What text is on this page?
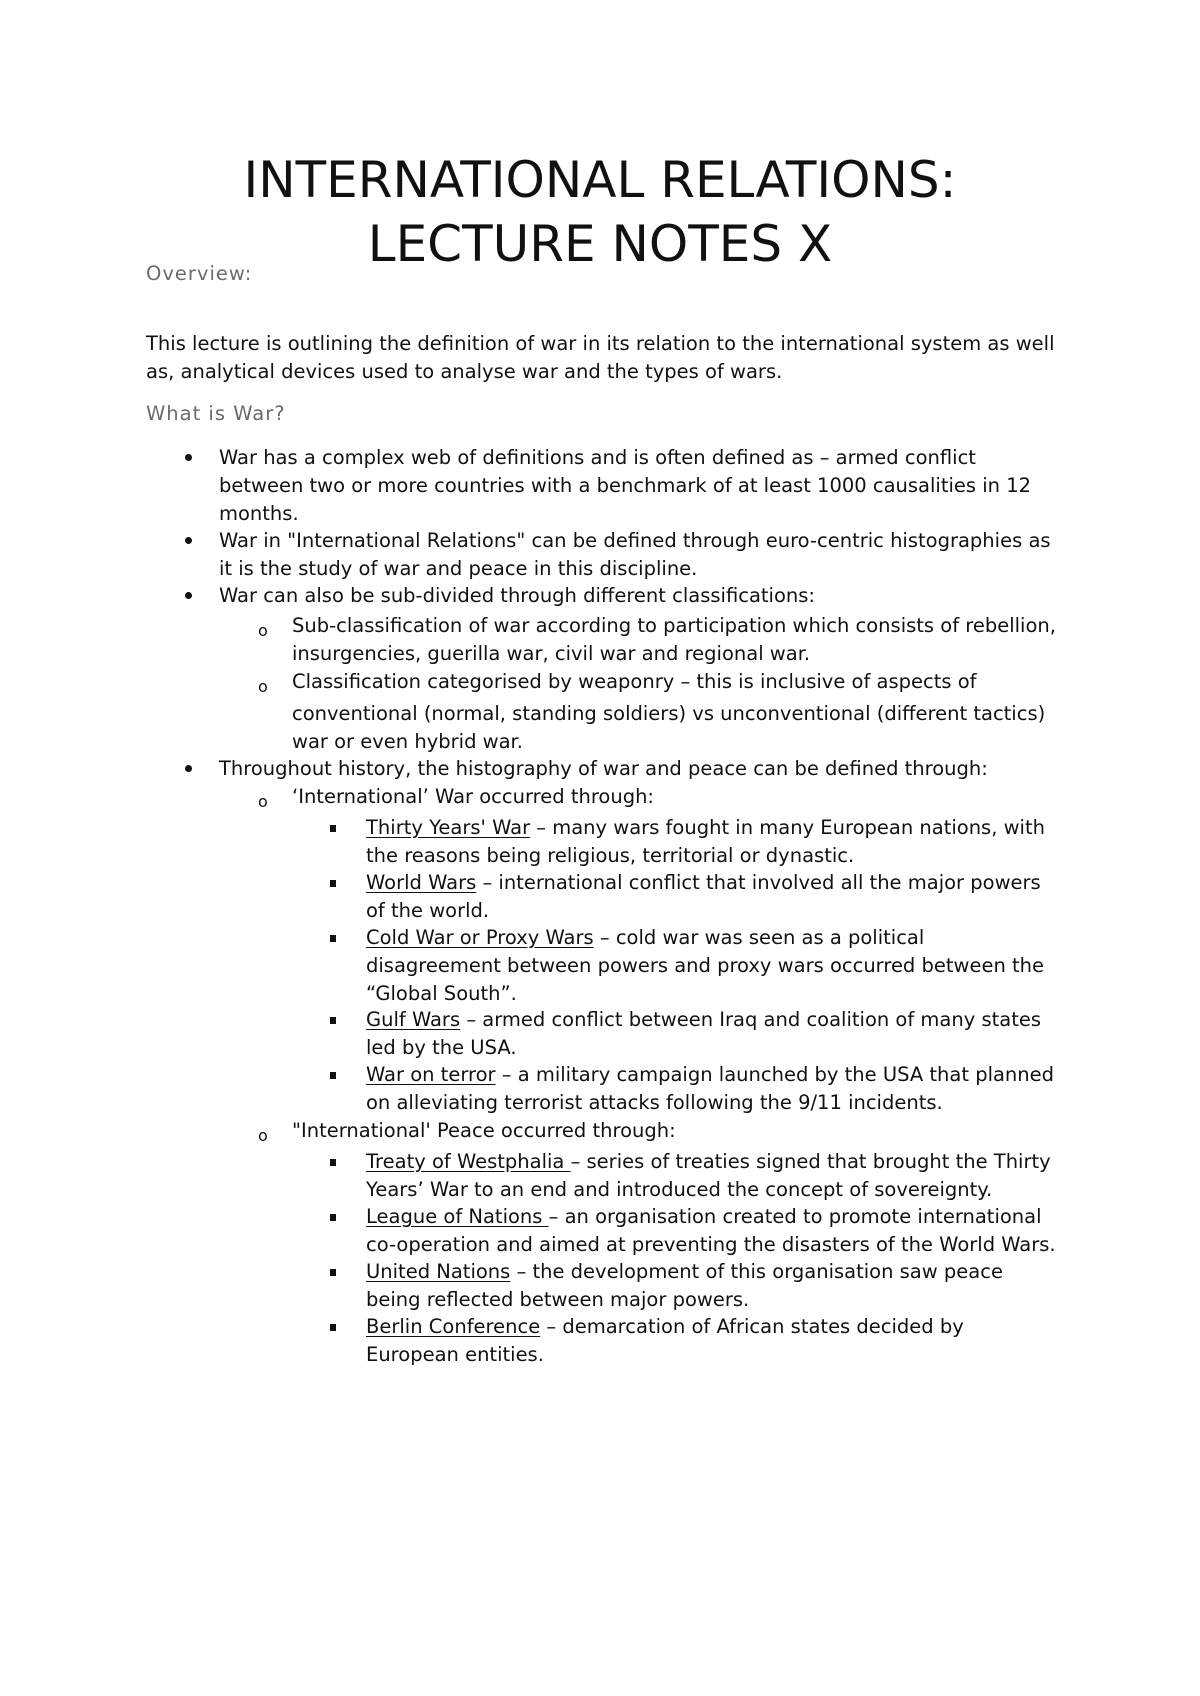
INTERNATIONAL RELATIONS:
LECTURE NOTES X

Overview:

This lecture is outlining the definition of war in its relation to the international system as well

as, analytical devices used to analyse war and the types of wars.

What is War?

War has a complex web of definitions and is often defined as – armed conflict

between two or more countries with a benchmark of at least 1000 causalities in 12

months.

War in "International Relations" can be defined through euro-centric histographies as

it is the study of war and peace in this discipline.

War can also be sub-divided through different classifications:

o Sub-classification of war according to participation which consists of rebellion,

insurgencies, guerilla war, civil war and regional war.

o Classification categorised by weaponry – this is inclusive of aspects of

conventional (normal, standing soldiers) vs unconventional (different tactics)

war or even hybrid war.

Throughout history, the histography of war and peace can be defined through:

o ‘International’ War occurred through:

Thirty Years' War – many wars fought in many European nations, with

the reasons being religious, territorial or dynastic.

World Wars – international conflict that involved all the major powers

of the world.

Cold War or Proxy Wars – cold war was seen as a political

disagreement between powers and proxy wars occurred between the

“Global South”.

Gulf Wars – armed conflict between Iraq and coalition of many states

led by the USA.

War on terror – a military campaign launched by the USA that planned

on alleviating terrorist attacks following the 9/11 incidents.

o "International' Peace occurred through:

Treaty of Westphalia – series of treaties signed that brought the Thirty

Years’ War to an end and introduced the concept of sovereignty.

League of Nations – an organisation created to promote international

co-operation and aimed at preventing the disasters of the World Wars.

United Nations – the development of this organisation saw peace

being reflected between major powers.

Berlin Conference – demarcation of African states decided by

European entities.
